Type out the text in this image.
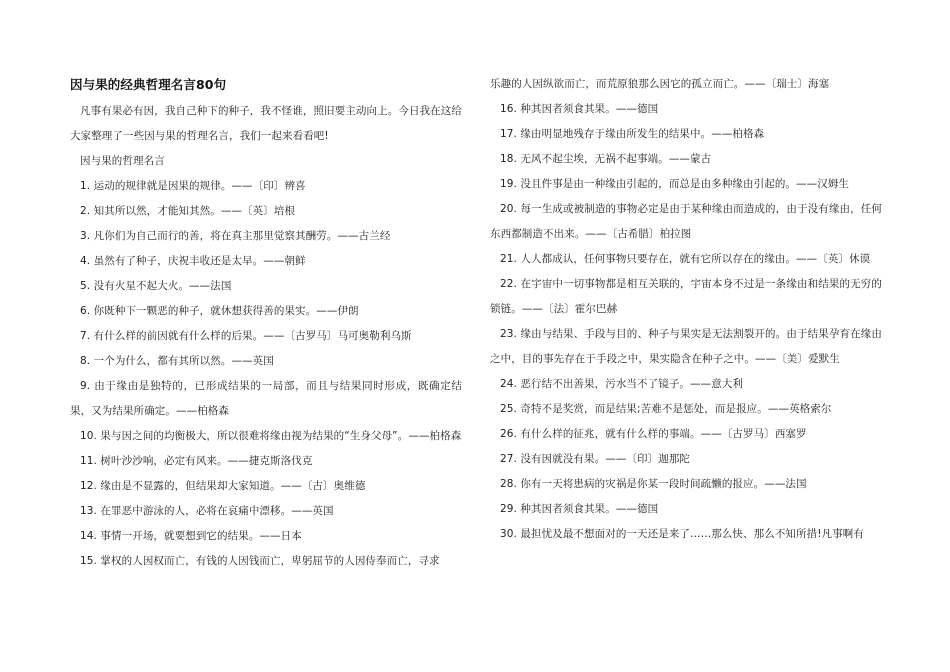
因与果的经典哲理名言80句

凡事有果必有因，我自己种下的种子，我不怪谁，照旧要主动向上。今日我在这给大家整理了一些因与果的哲理名言，我们一起来看看吧!

因与果的哲理名言

1. 运动的规律就是因果的规律。——〔印〕辨喜

2. 知其所以然，才能知其然。——〔英〕培根

3. 凡你们为自己而行的善，将在真主那里觉察其酬劳。——古兰经

4. 虽然有了种子，庆祝丰收还是太早。——朝鲜

5. 没有火星不起大火。——法国

6. 你既种下一颗恶的种子，就休想获得善的果实。——伊朗

7. 有什么样的前因就有什么样的后果。——〔古罗马〕马可奥勒利乌斯

8. 一个为什么，都有其所以然。——英国

9. 由于缘由是独特的，已形成结果的一局部，而且与结果同时形成，既确定结果，又为结果所确定。——柏格森

10. 果与因之间的均衡极大，所以很难将缘由视为结果的“生身父母”。——柏格森

11. 树叶沙沙响，必定有风来。——捷克斯洛伐克

12. 缘由是不显露的，但结果却大家知道。——〔古〕奥维德

13. 在罪恶中游泳的人，必将在哀痛中漂移。——英国

14. 事情一开场，就要想到它的结果。——日本

15. 掌权的人因权而亡，有钱的人因钱而亡，卑躬屈节的人因侍奉而亡，寻求

乐趣的人因纵欲而亡，而荒原狼那么因它的孤立而亡。——〔瑞士〕海塞

16. 种其因者须食其果。——德国

17. 缘由明显地残存于缘由所发生的结果中。——柏格森

18. 无风不起尘埃，无祸不起事端。——蒙古

19. 没且件事是由一种缘由引起的，而总是由多种缘由引起的。——汉姆生

20. 每一生成或被制造的事物必定是由于某种缘由而造成的，由于没有缘由，任何东西都制造不出来。——〔古希腊〕柏拉图

21. 人人都成认，任何事物只要存在，就有它所以存在的缘由。——〔英〕休谟

22. 在宇宙中一切事物都是相互关联的，宇宙本身不过是一条缘由和结果的无穷的锁链。——〔法〕霍尔巴赫

23. 缘由与结果、手段与目的、种子与果实是无法割裂开的。由于结果孕育在缘由之中，目的事先存在于手段之中，果实隐含在种子之中。——〔美〕爱默生

24. 恶行结不出善果，污水当不了镜子。——意大利

25. 奇特不是奖赏，而是结果;苦难不是惩处，而是报应。——英格索尔

26. 有什么样的征兆，就有什么样的事端。——〔古罗马〕西塞罗

27. 没有因就没有果。——〔印〕迦那陀

28. 你有一天将患病的灾祸是你某一段时间疏懒的报应。——法国

29. 种其因者须食其果。——德国

30. 最担忧及最不想面对的一天还是来了……那么快、那么不知所措!凡事啊有
